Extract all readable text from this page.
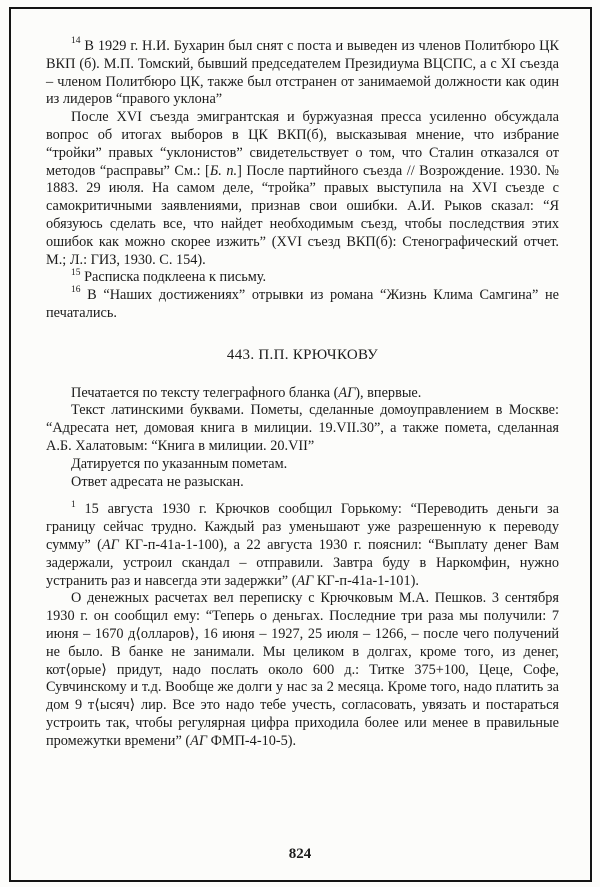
$^{14}$ В 1929 г. Н.И. Бухарин был снят с поста и выведен из членов Политбюро ЦК ВКП (б). М.П. Томский, бывший председателем Президиума ВЦСПС, а с XI съезда – членом Политбюро ЦК, также был отстранен от занимаемой должности как один из лидеров “правого уклона”

После XVI съезда эмигрантская и буржуазная пресса усиленно обсуждала вопрос об итогах выборов в ЦК ВКП(б), высказывая мнение, что избрание “тройки” правых “уклонистов” свидетельствует о том, что Сталин отказался от методов “расправы” См.: [Б. п.] После партийного съезда // Возрождение. 1930. № 1883. 29 июля. На самом деле, “тройка” правых выступила на XVI съезде с самокритичными заявлениями, признав свои ошибки. А.И. Рыков сказал: “Я обязуюсь сделать все, что найдет необходимым съезд, чтобы последствия этих ошибок как можно скорее изжить” (XVI съезд ВКП(б): Стенографический отчет. М.; Л.: ГИЗ, 1930. С. 154).

$^{15}$ Расписка подклеена к письму.

$^{16}$ В “Наших достижениях” отрывки из романа “Жизнь Клима Самгина” не печатались.

443. П.П. КРЮЧКОВУ

Печатается по тексту телеграфного бланка (АГ), впервые.

Текст латинскими буквами. Пометы, сделанные домоуправлением в Москве: “Адресата нет, домовая книга в милиции. 19.VII.30”, а также помета, сделанная А.Б. Халатовым: “Книга в милиции. 20.VII”

Датируется по указанным пометам.

Ответ адресата не разыскан.

$^1$ 15 августа 1930 г. Крючков сообщил Горькому: “Переводить деньги за границу сейчас трудно. Каждый раз уменьшают уже разрешенную к переводу сумму” (АГ КГ-п-41а-1-100), а 22 августа 1930 г. пояснил: “Выплату денег Вам задержали, устроил скандал – отправили. Завтра буду в Наркомфин, нужно устранить раз и навсегда эти задержки” (АГ КГ-п-41а-1-101).

О денежных расчетах вел переписку с Крючковым М.А. Пешков. 3 сентября 1930 г. он сообщил ему: “Теперь о деньгах. Последние три раза мы получили: 7 июня – 1670 д⟨олларов⟩, 16 июня – 1927, 25 июля – 1266, – после чего получений не было. В банке не занимали. Мы целиком в долгах, кроме того, из денег, кот⟨орые⟩ придут, надо послать около 600 д.: Титке 375+100, Цеце, Софе, Сувчинскому и т.д. Вообще же долги у нас за 2 месяца. Кроме того, надо платить за дом 9 т⟨ысяч⟩ лир. Все это надо тебе учесть, согласовать, увязать и постараться устроить так, чтобы регулярная цифра приходила более или менее в правильные промежутки времени” (АГ ФМП-4-10-5).

824
